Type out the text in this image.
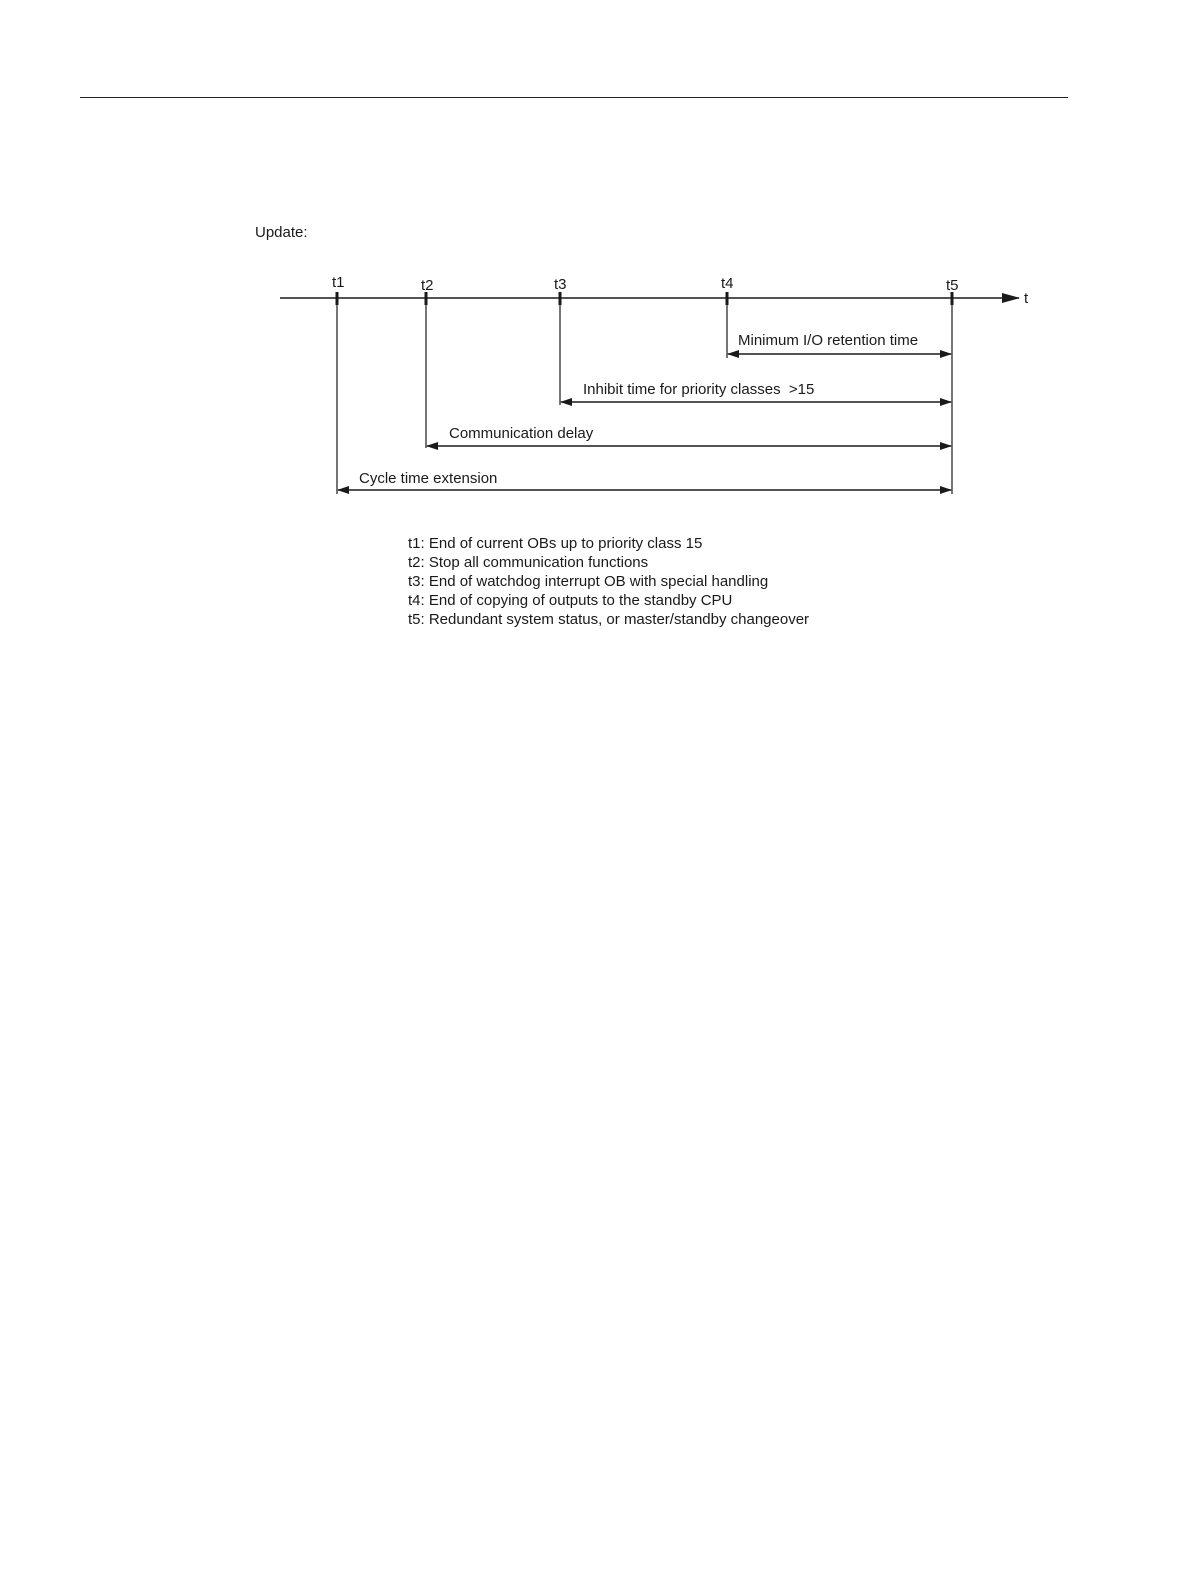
Update:
t
t1	t2	t3	t4	t5
Minimum I/O retention time
Inhibit time for priority classes  >15
Communication delay
Cycle time extension
t1: End of current OBs up to priority class 15
t2: Stop all communication functions
t3: End of watchdog interrupt OB with special handling
t4: End of copying of outputs to the standby CPU
t5: Redundant system status, or master/standby changeover
